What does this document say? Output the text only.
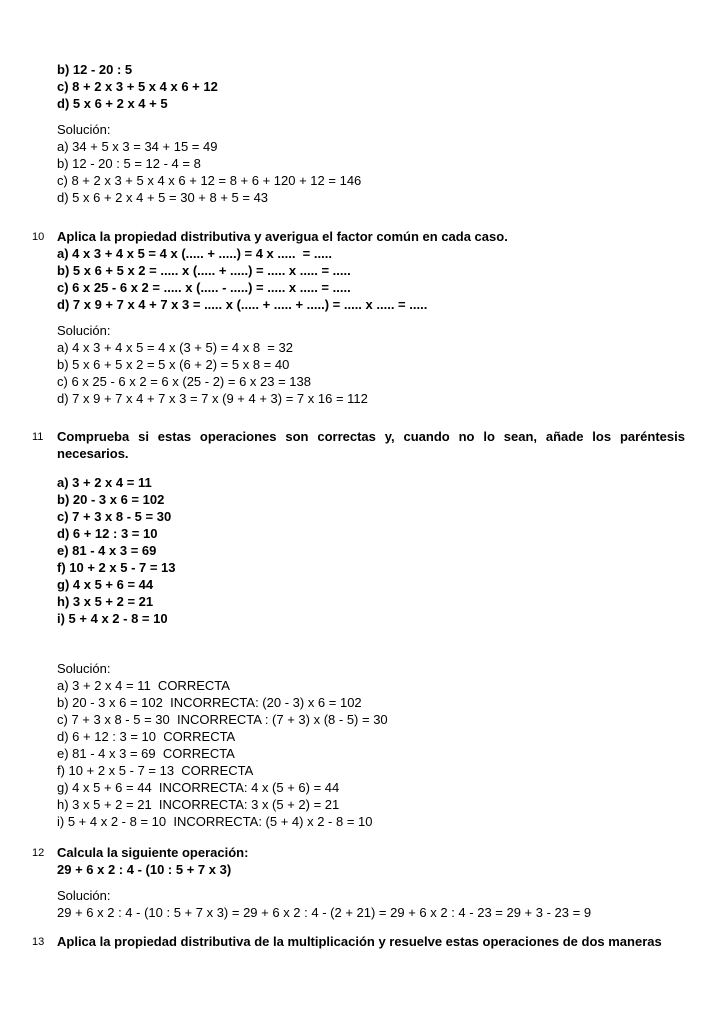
b) 12 - 20 : 5
c) 8 + 2 x 3 + 5 x 4 x 6 + 12
d) 5 x 6 + 2 x 4 + 5
Solución:
a) 34 + 5 x 3 = 34 + 15 = 49
b) 12 - 20 : 5 = 12 - 4 = 8
c) 8 + 2 x 3 + 5 x 4 x 6 + 12 = 8 + 6 + 120 + 12 = 146
d) 5 x 6 + 2 x 4 + 5 = 30 + 8 + 5 = 43
10 Aplica la propiedad distributiva y averigua el factor común en cada caso.
a) 4 x 3 + 4 x 5 = 4 x (..... + .....) = 4 x .....  = .....
b) 5 x 6 + 5 x 2 = ..... x (..... + .....) = ..... x ..... = .....
c) 6 x 25 - 6 x 2 = ..... x (..... - .....) = ..... x ..... = .....
d) 7 x 9 + 7 x 4 + 7 x 3 = ..... x (..... + ..... + .....) = ..... x ..... = .....
Solución:
a) 4 x 3 + 4 x 5 = 4 x (3 + 5) = 4 x 8  = 32
b) 5 x 6 + 5 x 2 = 5 x (6 + 2) = 5 x 8 = 40
c) 6 x 25 - 6 x 2 = 6 x (25 - 2) = 6 x 23 = 138
d) 7 x 9 + 7 x 4 + 7 x 3 = 7 x (9 + 4 + 3) = 7 x 16 = 112
11 Comprueba si estas operaciones son correctas y, cuando no lo sean, añade los paréntesis
necesarios.
a) 3 + 2 x 4 = 11
b) 20 - 3 x 6 = 102
c) 7 + 3 x 8 - 5 = 30
d) 6 + 12 : 3 = 10
e) 81 - 4 x 3 = 69
f) 10 + 2 x 5 - 7 = 13
g) 4 x 5 + 6 = 44
h) 3 x 5 + 2 = 21
i) 5 + 4 x 2 - 8 = 10
Solución:
a) 3 + 2 x 4 = 11  CORRECTA
b) 20 - 3 x 6 = 102  INCORRECTA: (20 - 3) x 6 = 102
c) 7 + 3 x 8 - 5 = 30  INCORRECTA : (7 + 3) x (8 - 5) = 30
d) 6 + 12 : 3 = 10  CORRECTA
e) 81 - 4 x 3 = 69  CORRECTA
f) 10 + 2 x 5 - 7 = 13  CORRECTA
g) 4 x 5 + 6 = 44  INCORRECTA: 4 x (5 + 6) = 44
h) 3 x 5 + 2 = 21  INCORRECTA: 3 x (5 + 2) = 21
i) 5 + 4 x 2 - 8 = 10  INCORRECTA: (5 + 4) x 2 - 8 = 10
12 Calcula la siguiente operación:
29 + 6 x 2 : 4 - (10 : 5 + 7 x 3)
Solución:
29 + 6 x 2 : 4 - (10 : 5 + 7 x 3) = 29 + 6 x 2 : 4 - (2 + 21) = 29 + 6 x 2 : 4 - 23 = 29 + 3 - 23 = 9
13 Aplica la propiedad distributiva de la multiplicación y resuelve estas operaciones de dos maneras
